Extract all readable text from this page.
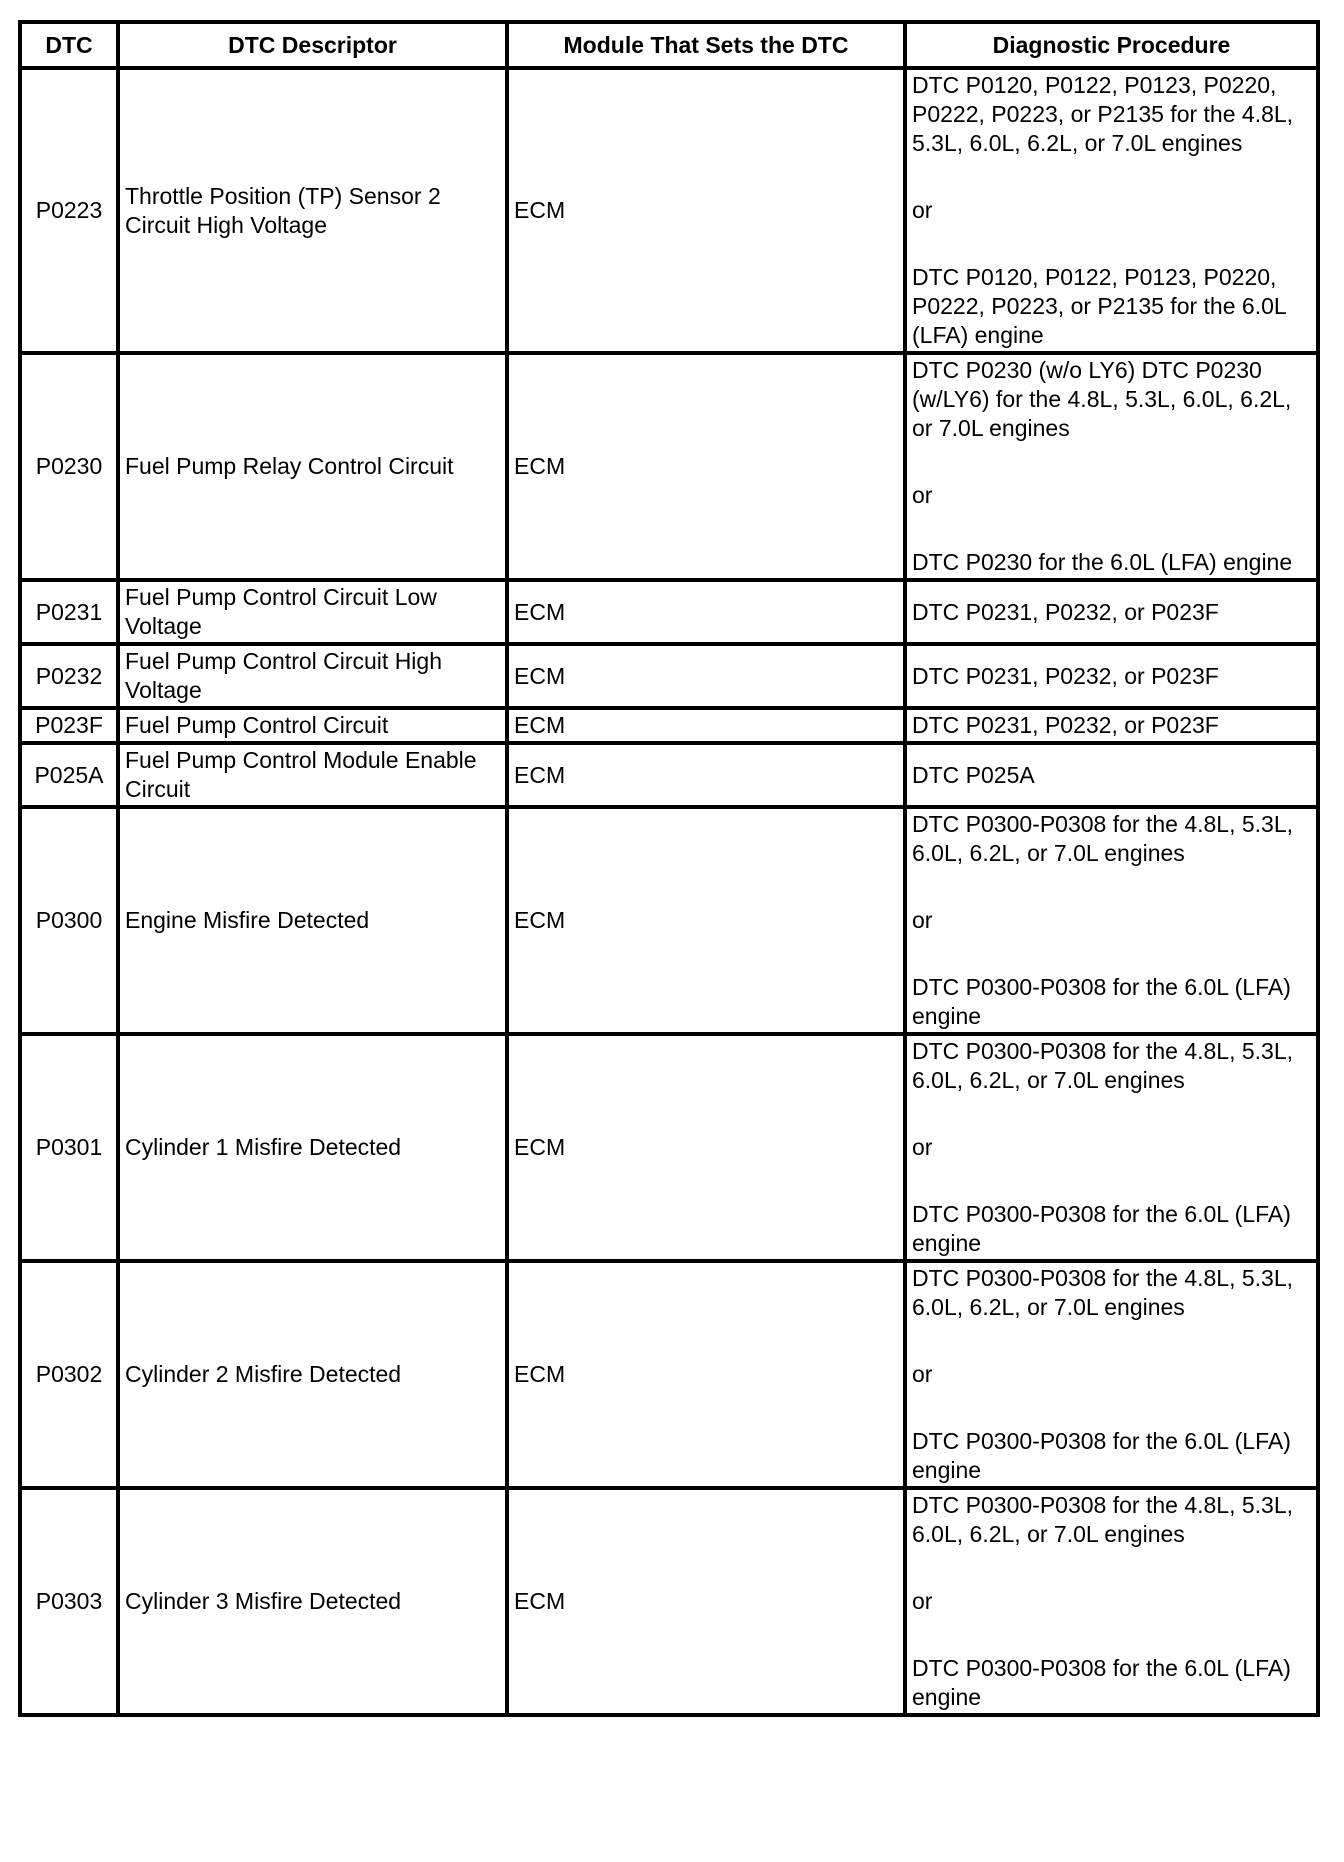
DTC	DTC Descriptor	Module That Sets the DTC	Diagnostic Procedure
P0223	Throttle Position (TP) Sensor 2 Circuit High Voltage	ECM	DTC P0120, P0122, P0123, P0220, P0222, P0223, or P2135 for the 4.8L, 5.3L, 6.0L, 6.2L, or 7.0L engines

or

DTC P0120, P0122, P0123, P0220, P0222, P0223, or P2135 for the 6.0L (LFA) engine

P0230	Fuel Pump Relay Control Circuit	ECM	DTC P0230 (w/o LY6) DTC P0230 (w/LY6) for the 4.8L, 5.3L, 6.0L, 6.2L, or 7.0L engines

or

DTC P0230 for the 6.0L (LFA) engine

P0231	Fuel Pump Control Circuit Low Voltage	ECM	DTC P0231, P0232, or P023F

P0232	Fuel Pump Control Circuit High Voltage	ECM	DTC P0231, P0232, or P023F

P023F	Fuel Pump Control Circuit	ECM	DTC P0231, P0232, or P023F

P025A	Fuel Pump Control Module Enable Circuit	ECM	DTC P025A

P0300	Engine Misfire Detected	ECM	DTC P0300-P0308 for the 4.8L, 5.3L, 6.0L, 6.2L, or 7.0L engines

or

DTC P0300-P0308 for the 6.0L (LFA) engine

P0301	Cylinder 1 Misfire Detected	ECM	DTC P0300-P0308 for the 4.8L, 5.3L, 6.0L, 6.2L, or 7.0L engines

or

DTC P0300-P0308 for the 6.0L (LFA) engine

P0302	Cylinder 2 Misfire Detected	ECM	DTC P0300-P0308 for the 4.8L, 5.3L, 6.0L, 6.2L, or 7.0L engines

or

DTC P0300-P0308 for the 6.0L (LFA) engine

P0303	Cylinder 3 Misfire Detected	ECM	DTC P0300-P0308 for the 4.8L, 5.3L, 6.0L, 6.2L, or 7.0L engines

or

DTC P0300-P0308 for the 6.0L (LFA) engine
